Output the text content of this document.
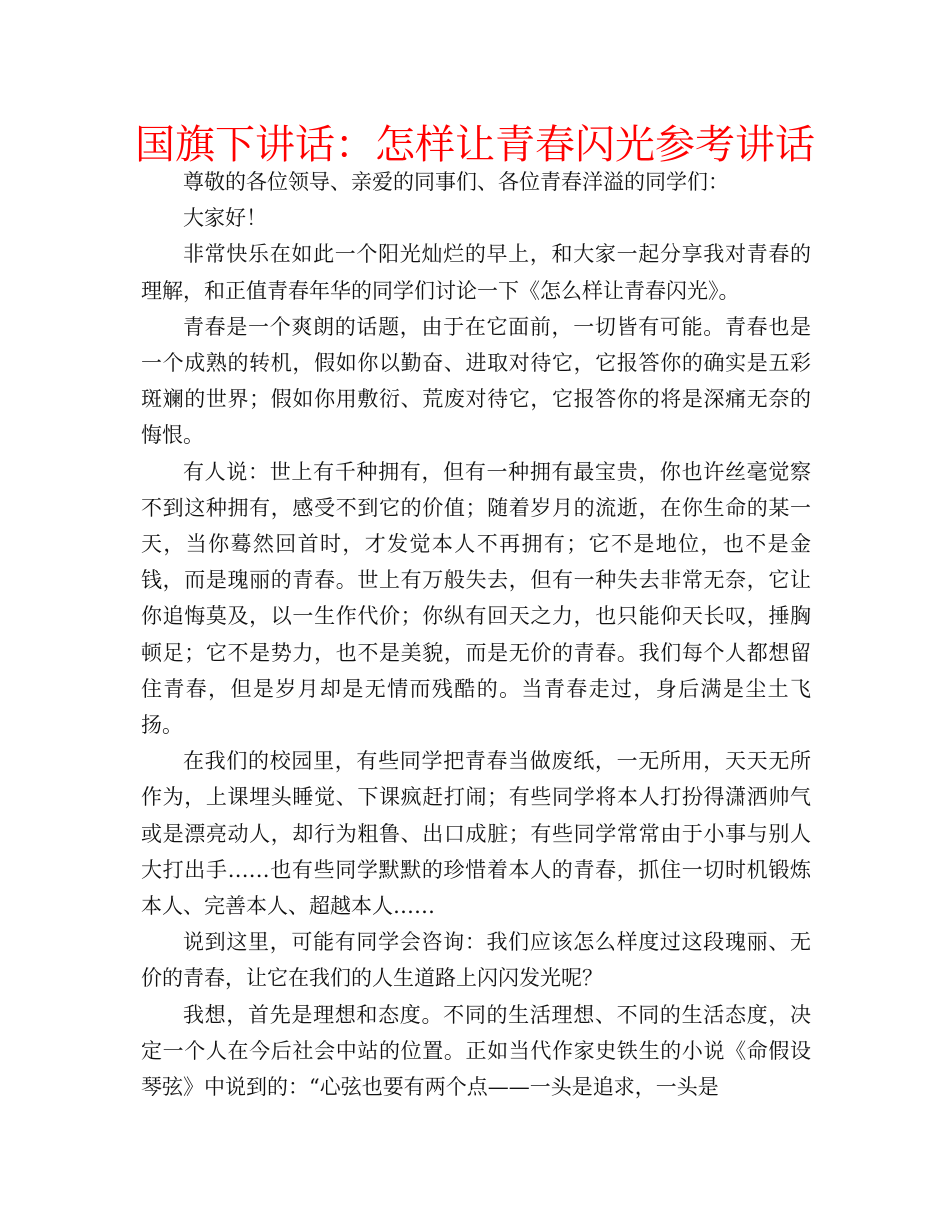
国旗下讲话：怎样让青春闪光参考讲话

尊敬的各位领导、亲爱的同事们、各位青春洋溢的同学们：

大家好！

非常快乐在如此一个阳光灿烂的早上，和大家一起分享我对青春的理解，和正值青春年华的同学们讨论一下《怎么样让青春闪光》。

青春是一个爽朗的话题，由于在它面前，一切皆有可能。青春也是一个成熟的转机，假如你以勤奋、进取对待它，它报答你的确实是五彩斑斓的世界；假如你用敷衍、荒废对待它，它报答你的将是深痛无奈的悔恨。

有人说：世上有千种拥有，但有一种拥有最宝贵，你也许丝毫觉察不到这种拥有，感受不到它的价值；随着岁月的流逝，在你生命的某一天，当你蓦然回首时，才发觉本人不再拥有；它不是地位，也不是金钱，而是瑰丽的青春。世上有万般失去，但有一种失去非常无奈，它让你追悔莫及，以一生作代价；你纵有回天之力，也只能仰天长叹，捶胸顿足；它不是势力，也不是美貌，而是无价的青春。我们每个人都想留住青春，但是岁月却是无情而残酷的。当青春走过，身后满是尘土飞扬。

在我们的校园里，有些同学把青春当做废纸，一无所用，天天无所作为，上课埋头睡觉、下课疯赶打闹；有些同学将本人打扮得潇洒帅气或是漂亮动人，却行为粗鲁、出口成脏；有些同学常常由于小事与别人大打出手……也有些同学默默的珍惜着本人的青春，抓住一切时机锻炼本人、完善本人、超越本人……

说到这里，可能有同学会咨询：我们应该怎么样度过这段瑰丽、无价的青春，让它在我们的人生道路上闪闪发光呢？

我想，首先是理想和态度。不同的生活理想、不同的生活态度，决定一个人在今后社会中站的位置。正如当代作家史铁生的小说《命假设琴弦》中说到的：“心弦也要有两个点——一头是追求，一头是
